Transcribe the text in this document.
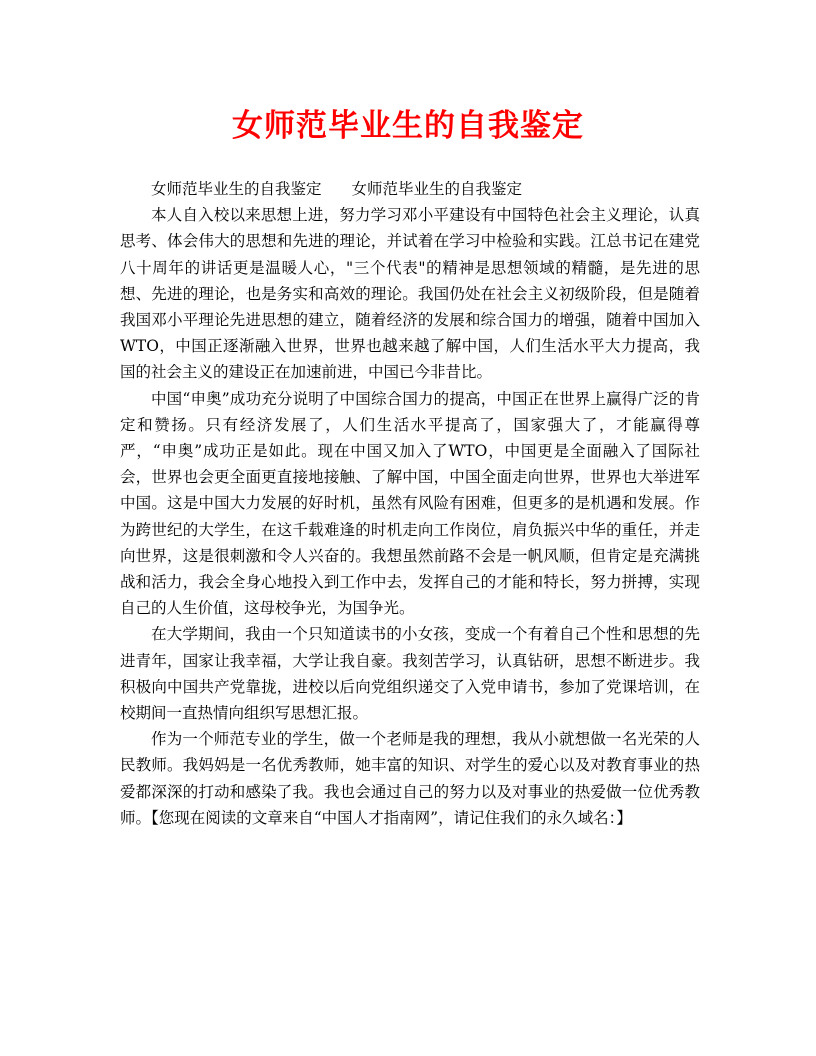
女师范毕业生的自我鉴定
女师范毕业生的自我鉴定 女师范毕业生的自我鉴定

本人自入校以来思想上进，努力学习邓小平建设有中国特色社会主义理论，认真思考、体会伟大的思想和先进的理论，并试着在学习中检验和实践。江总书记在建党八十周年的讲话更是温暖人心，"三个代表"的精神是思想领域的精髓，是先进的思想、先进的理论，也是务实和高效的理论。我国仍处在社会主义初级阶段，但是随着我国邓小平理论先进思想的建立，随着经济的发展和综合国力的增强，随着中国加入WTO，中国正逐渐融入世界，世界也越来越了解中国，人们生活水平大力提高，我国的社会主义的建设正在加速前进，中国已今非昔比。

中国“申奥”成功充分说明了中国综合国力的提高，中国正在世界上赢得广泛的肯定和赞扬。只有经济发展了，人们生活水平提高了，国家强大了，才能赢得尊严，“申奥”成功正是如此。现在中国又加入了WTO，中国更是全面融入了国际社会，世界也会更全面更直接地接触、了解中国，中国全面走向世界，世界也大举进军中国。这是中国大力发展的好时机，虽然有风险有困难，但更多的是机遇和发展。作为跨世纪的大学生，在这千载难逢的时机走向工作岗位，肩负振兴中华的重任，并走向世界，这是很刺激和令人兴奋的。我想虽然前路不会是一帆风顺，但肯定是充满挑战和活力，我会全身心地投入到工作中去，发挥自己的才能和特长，努力拼搏，实现自己的人生价值，这母校争光，为国争光。

在大学期间，我由一个只知道读书的小女孩，变成一个有着自己个性和思想的先进青年，国家让我幸福，大学让我自豪。我刻苦学习，认真钻研，思想不断进步。我积极向中国共产党靠拢，进校以后向党组织递交了入党申请书，参加了党课培训，在校期间一直热情向组织写思想汇报。

作为一个师范专业的学生，做一个老师是我的理想，我从小就想做一名光荣的人民教师。我妈妈是一名优秀教师，她丰富的知识、对学生的爱心以及对教育事业的热爱都深深的打动和感染了我。我也会通过自己的努力以及对事业的热爱做一位优秀教师。【您现在阅读的文章来自“中国人才指南网”，请记住我们的永久域名：】
